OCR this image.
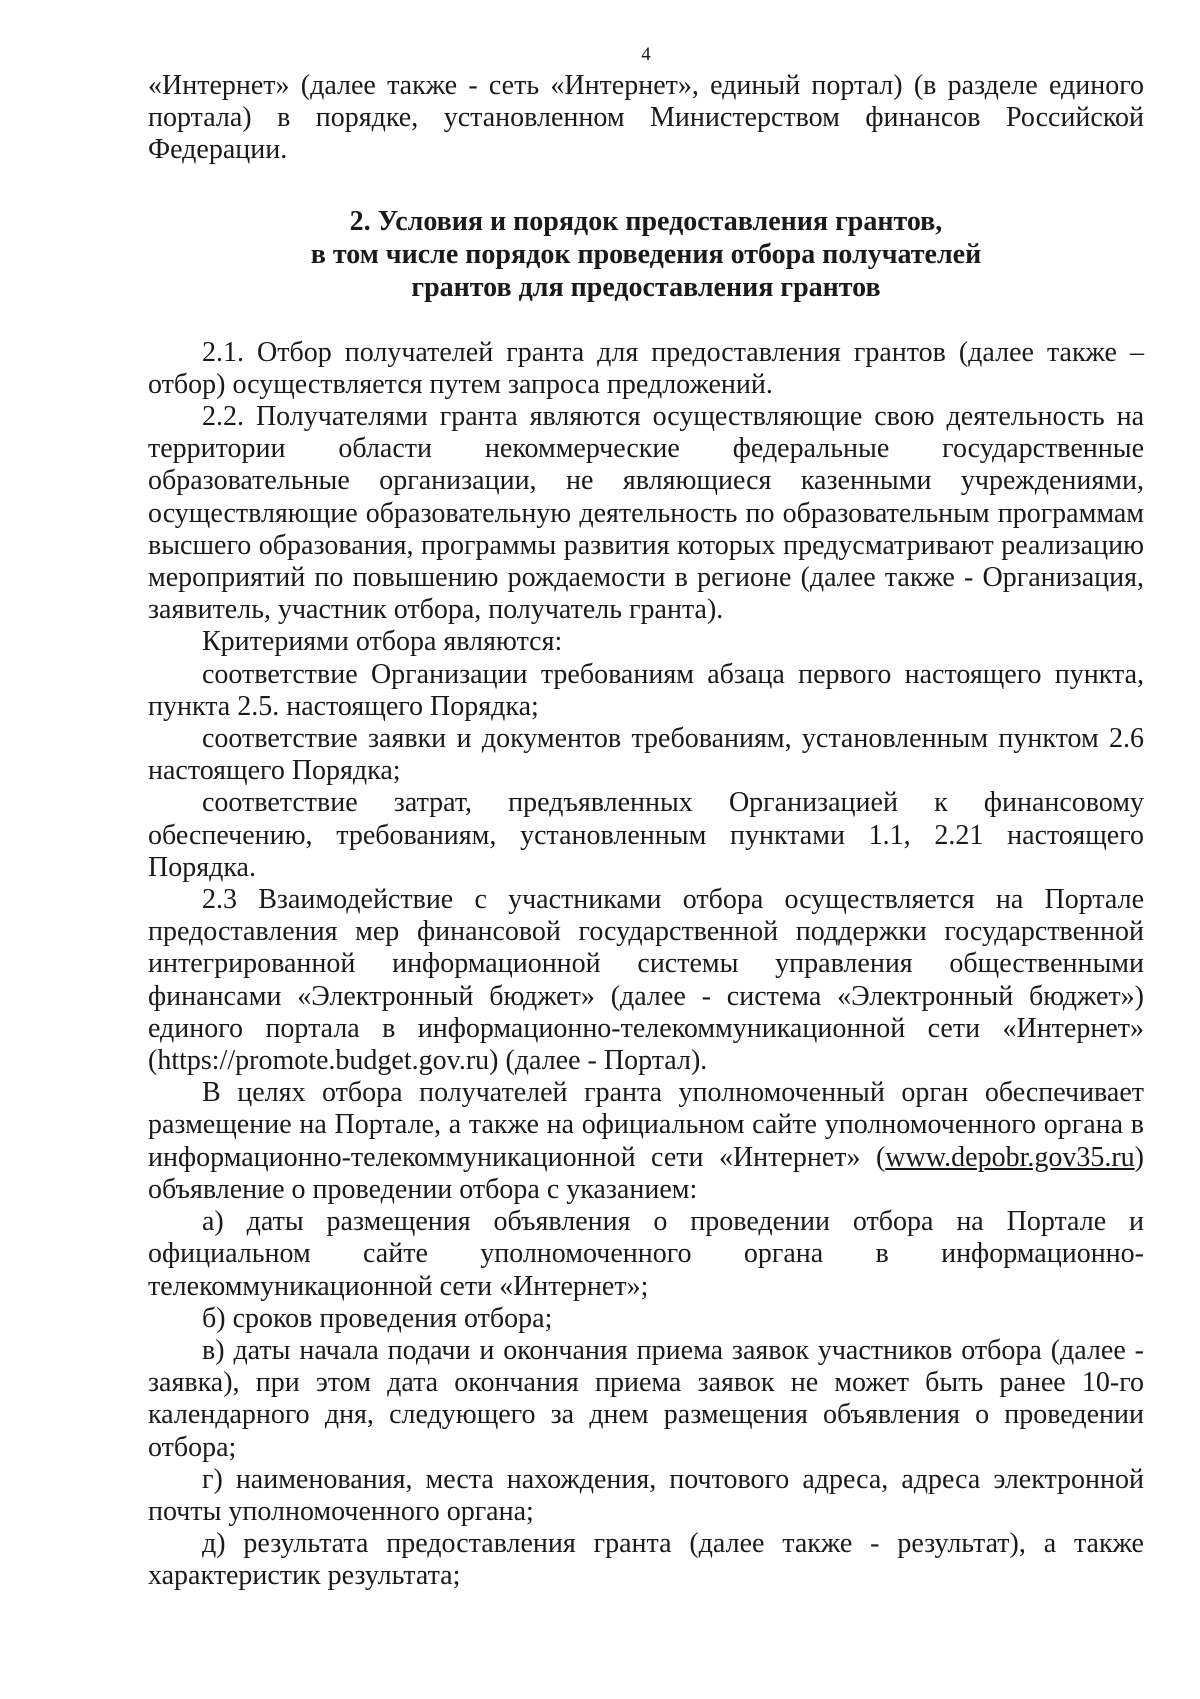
4

«Интернет» (далее также - сеть «Интернет», единый портал) (в разделе единого портала) в порядке, установленном Министерством финансов Российской Федерации.

2. Условия и порядок предоставления грантов,
в том числе порядок проведения отбора получателей
грантов для предоставления грантов

2.1. Отбор получателей гранта для предоставления грантов (далее также – отбор) осуществляется путем запроса предложений.

2.2. Получателями гранта являются осуществляющие свою деятельность на территории области некоммерческие федеральные государственные образовательные организации, не являющиеся казенными учреждениями, осуществляющие образовательную деятельность по образовательным программам высшего образования, программы развития которых предусматривают реализацию мероприятий по повышению рождаемости в регионе (далее также - Организация, заявитель, участник отбора, получатель гранта).

Критериями отбора являются:

соответствие Организации требованиям абзаца первого настоящего пункта, пункта 2.5. настоящего Порядка;

соответствие заявки и документов требованиям, установленным пунктом 2.6 настоящего Порядка;

соответствие затрат, предъявленных Организацией к финансовому обеспечению, требованиям, установленным пунктами 1.1, 2.21 настоящего Порядка.

2.3 Взаимодействие с участниками отбора осуществляется на Портале предоставления мер финансовой государственной поддержки государственной интегрированной информационной системы управления общественными финансами «Электронный бюджет» (далее - система «Электронный бюджет») единого портала в информационно-телекоммуникационной сети «Интернет» (https://promote.budget.gov.ru) (далее - Портал).

В целях отбора получателей гранта уполномоченный орган обеспечивает размещение на Портале, а также на официальном сайте уполномоченного органа в информационно-телекоммуникационной сети «Интернет» (www.depobr.gov35.ru) объявление о проведении отбора с указанием:

а) даты размещения объявления о проведении отбора на Портале и официальном сайте уполномоченного органа в информационно-телекоммуникационной сети «Интернет»;

б) сроков проведения отбора;

в) даты начала подачи и окончания приема заявок участников отбора (далее - заявка), при этом дата окончания приема заявок не может быть ранее 10-го календарного дня, следующего за днем размещения объявления о проведении отбора;

г) наименования, места нахождения, почтового адреса, адреса электронной почты уполномоченного органа;

д) результата предоставления гранта (далее также - результат), а также характеристик результата;
